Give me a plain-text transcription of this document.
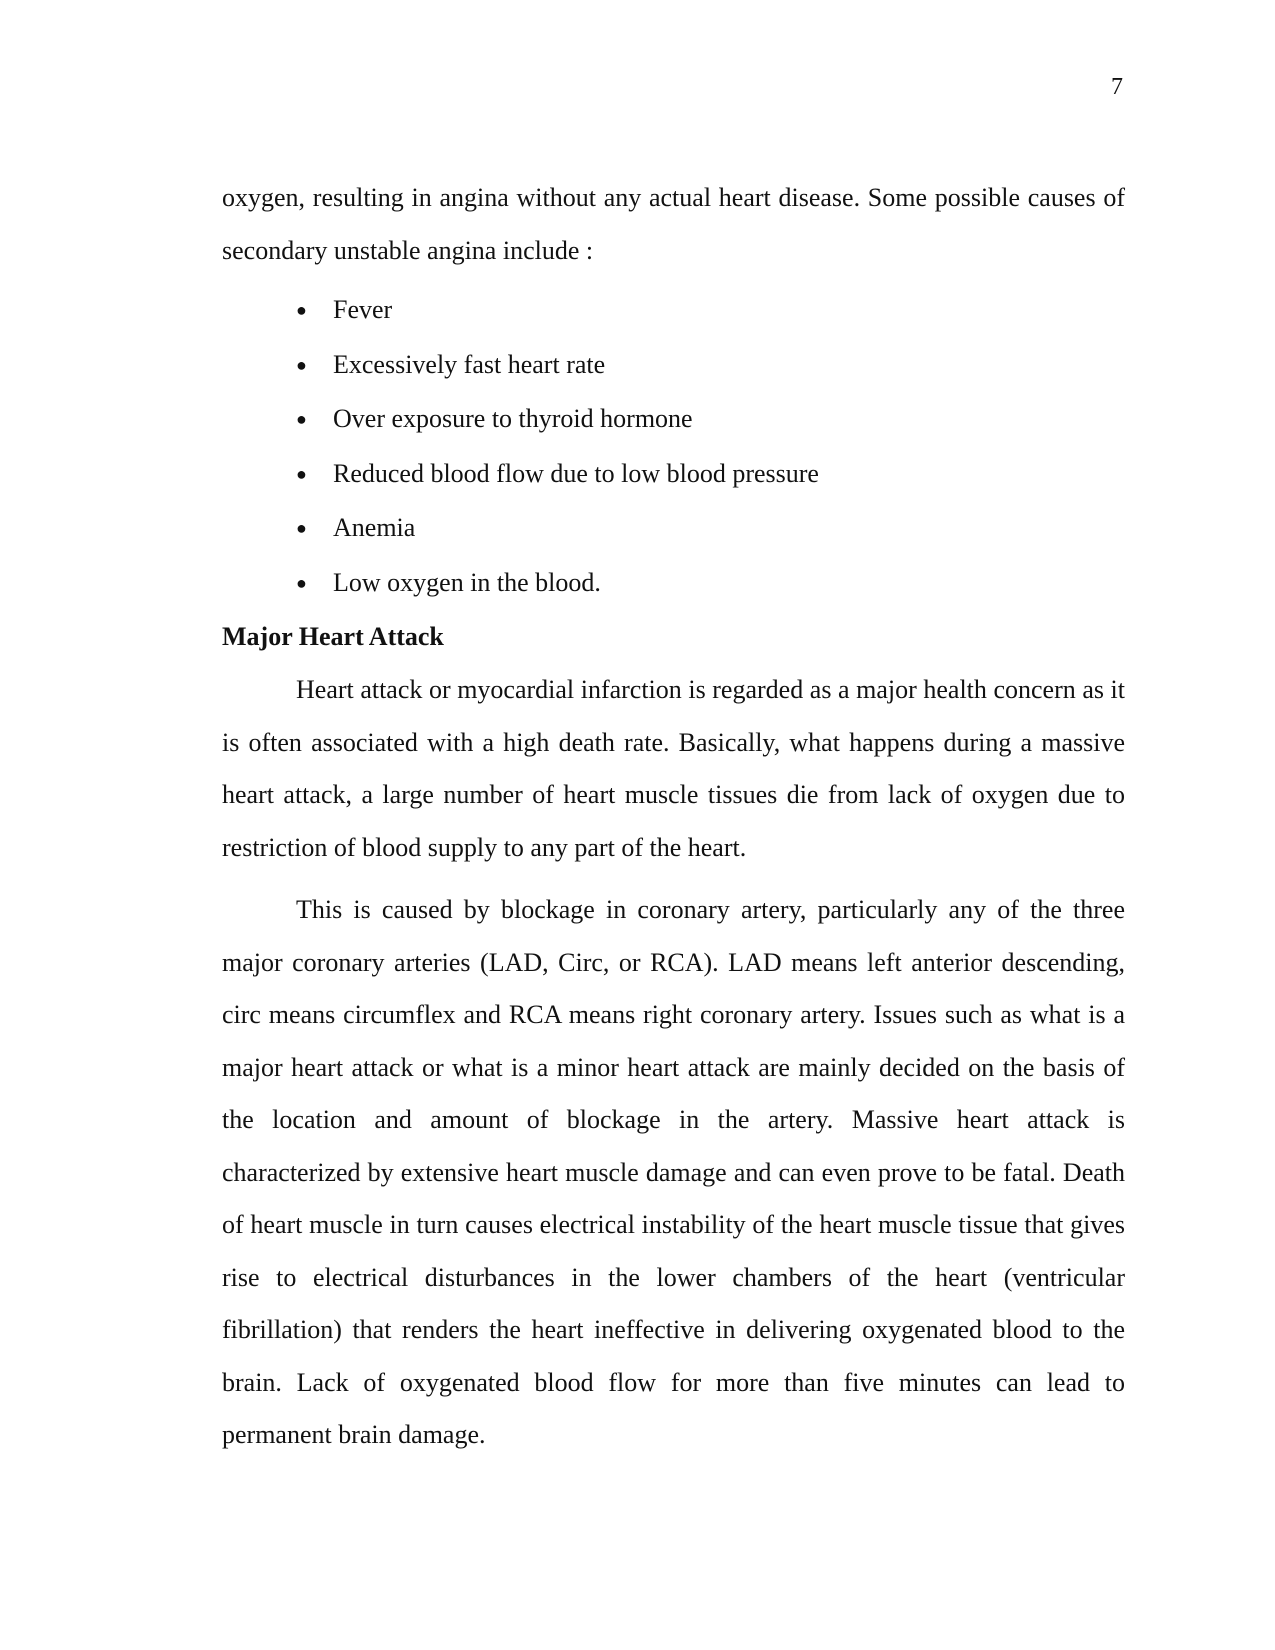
7

oxygen, resulting in angina without any actual heart disease. Some possible causes of secondary unstable angina include :

● Fever
● Excessively fast heart rate
● Over exposure to thyroid hormone
● Reduced blood flow due to low blood pressure
● Anemia
● Low oxygen in the blood.
Major Heart Attack

Heart attack or myocardial infarction is regarded as a major health concern as it is often associated with a high death rate. Basically, what happens during a massive heart attack, a large number of heart muscle tissues die from lack of oxygen due to restriction of blood supply to any part of the heart.

This is caused by blockage in coronary artery, particularly any of the three major coronary arteries (LAD, Circ, or RCA). LAD means left anterior descending, circ means circumflex and RCA means right coronary artery. Issues such as what is a major heart attack or what is a minor heart attack are mainly decided on the basis of the location and amount of blockage in the artery. Massive heart attack is characterized by extensive heart muscle damage and can even prove to be fatal. Death of heart muscle in turn causes electrical instability of the heart muscle tissue that gives rise to electrical disturbances in the lower chambers of the heart (ventricular fibrillation) that renders the heart ineffective in delivering oxygenated blood to the brain. Lack of oxygenated blood flow for more than five minutes can lead to permanent brain damage.
